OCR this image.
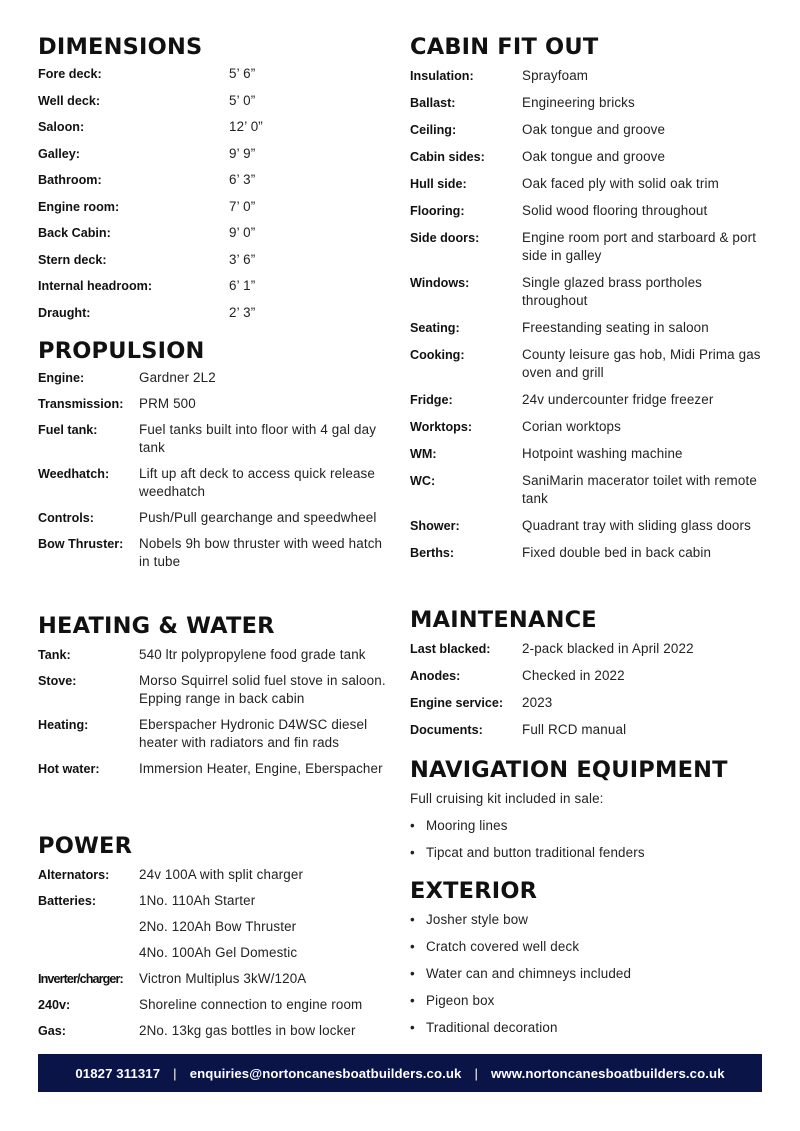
DIMENSIONS
Fore deck:	5’ 6”
Well deck:	5’ 0”
Saloon:	12’ 0”
Galley:	9’ 9”
Bathroom:	6’ 3”
Engine room:	7’ 0”
Back Cabin:	9’ 0”
Stern deck:	3’ 6”
Internal headroom:	6’ 1”
Draught:	2’ 3”
PROPULSION
Engine:	Gardner 2L2
Transmission:	PRM 500
Fuel tank:	Fuel tanks built into floor with 4 gal day tank
Weedhatch:	Lift up aft deck to access quick release weedhatch
Controls:	Push/Pull gearchange and speedwheel
Bow Thruster:	Nobels 9h bow thruster with weed hatch in tube
HEATING & WATER
Tank:	540 ltr polypropylene food grade tank
Stove:	Morso Squirrel solid fuel stove in saloon. Epping range in back cabin
Heating:	Eberspacher Hydronic D4WSC diesel heater with radiators and fin rads
Hot water:	Immersion Heater, Engine, Eberspacher
POWER
Alternators:	24v 100A with split charger
Batteries:	1No. 110Ah Starter
2No. 120Ah Bow Thruster
4No. 100Ah Gel Domestic
Inverter/charger:	Victron Multiplus 3kW/120A
240v:	Shoreline connection to engine room
Gas:	2No. 13kg gas bottles in bow locker
CABIN FIT OUT
Insulation:	Sprayfoam
Ballast:	Engineering bricks
Ceiling:	Oak tongue and groove
Cabin sides:	Oak tongue and groove
Hull side:	Oak faced ply with solid oak trim
Flooring:	Solid wood flooring throughout
Side doors:	Engine room port and starboard & port side in galley
Windows:	Single glazed brass portholes throughout
Seating:	Freestanding seating in saloon
Cooking:	County leisure gas hob, Midi Prima gas oven and grill
Fridge:	24v undercounter fridge freezer
Worktops:	Corian worktops
WM:	Hotpoint washing machine
WC:	SaniMarin macerator toilet with remote tank
Shower:	Quadrant tray with sliding glass doors
Berths:	Fixed double bed in back cabin
MAINTENANCE
Last blacked:	2-pack blacked in April 2022
Anodes:	Checked in 2022
Engine service:	2023
Documents:	Full RCD manual
NAVIGATION EQUIPMENT
Full cruising kit included in sale:
• Mooring lines
• Tipcat and button traditional fenders
EXTERIOR
• Josher style bow
• Cratch covered well deck
• Water can and chimneys included
• Pigeon box
• Traditional decoration
01827 311317 | enquiries@nortoncanesboatbuilders.co.uk | www.nortoncanesboatbuilders.co.uk
